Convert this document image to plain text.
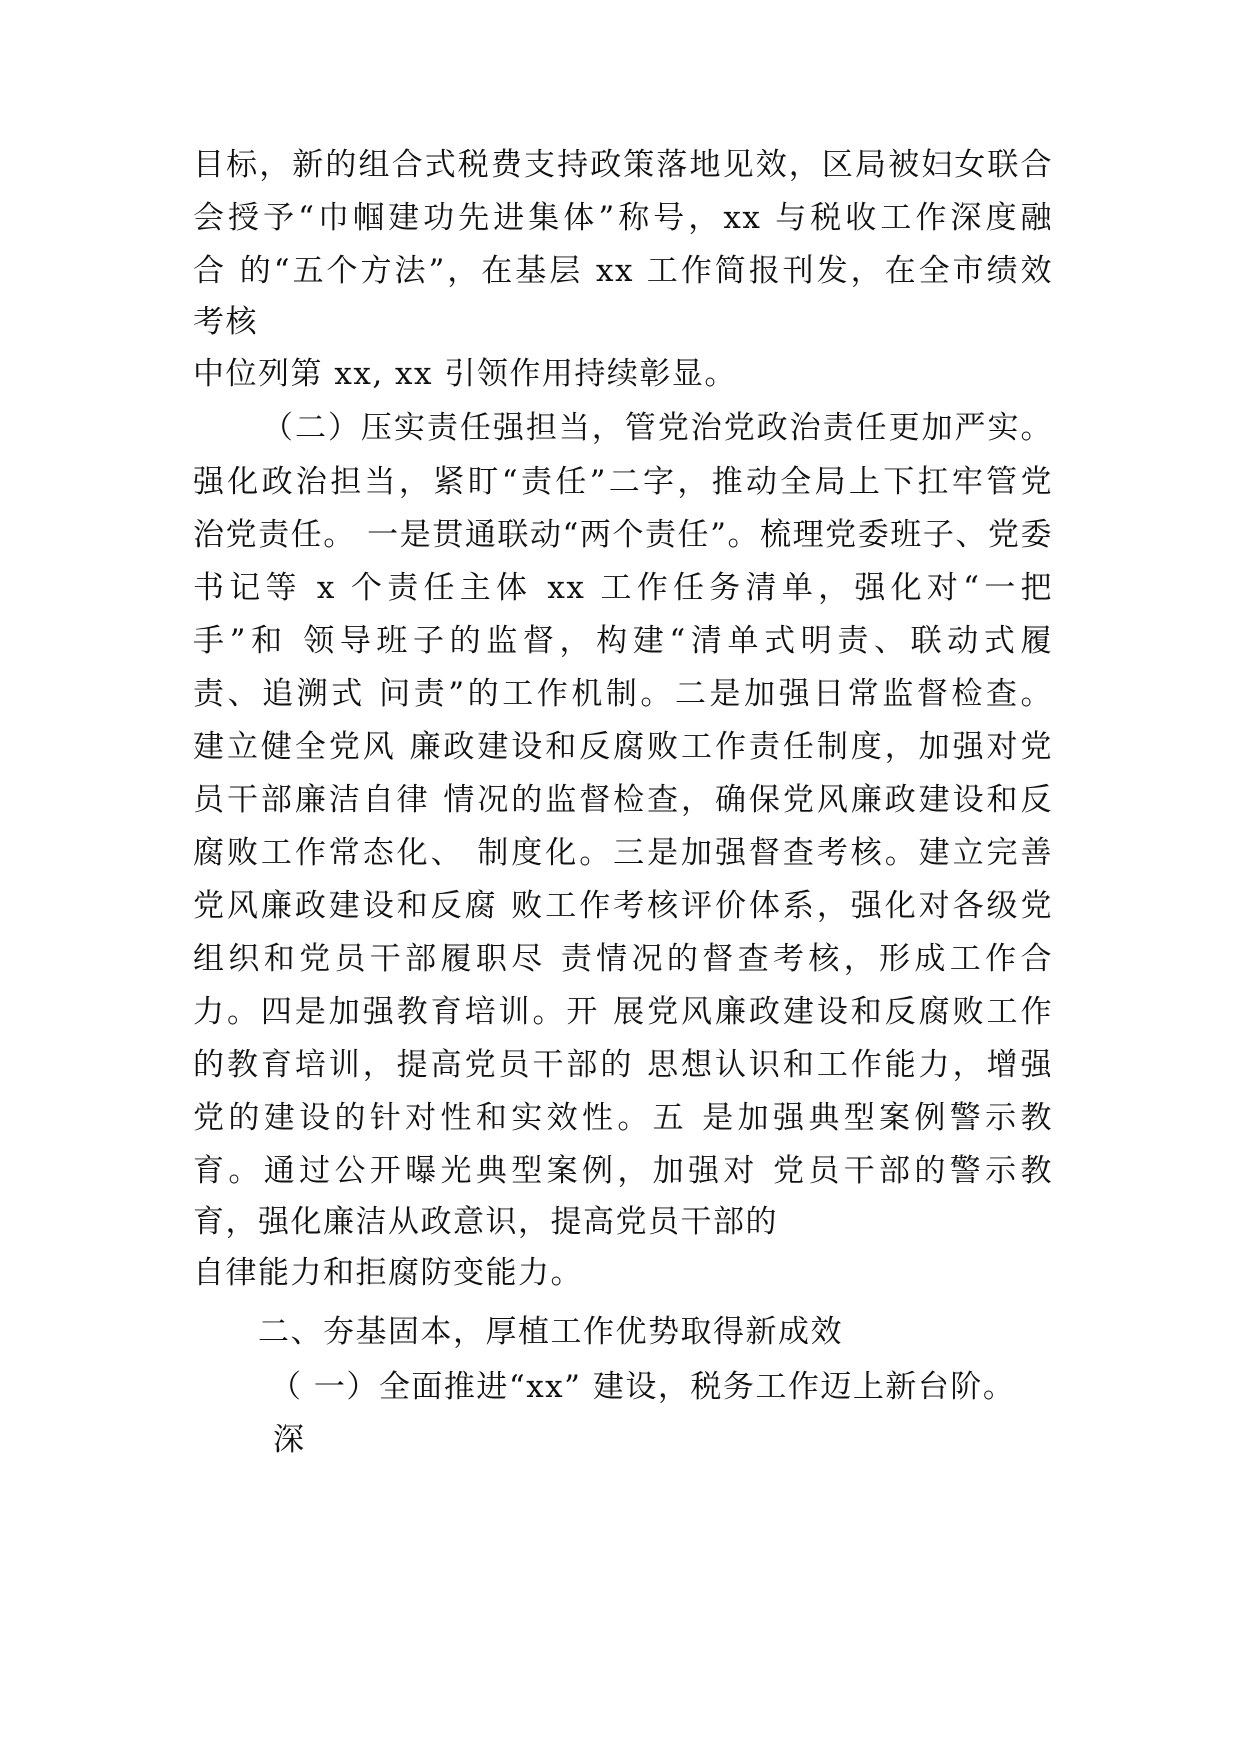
目标，新的组合式税费支持政策落地见效，区局被妇女联合
会授予“巾帼建功先进集体”称号，xx 与税收工作深度融
合 的“五个方法”，在基层 xx 工作简报刊发，在全市绩效
考核
中位列第 xx, xx 引领作用持续彰显。
（二）压实责任强担当，管党治党政治责任更加严实。
强化政治担当，紧盯“责任”二字，推动全局上下扛牢管党
治党责任。 一是贯通联动“两个责任”。梳理党委班子、党委
书记等 x 个责任主体 xx 工作任务清单，强化对“一把
手”和 领导班子的监督，构建“清单式明责、联动式履
责、追溯式 问责”的工作机制。二是加强日常监督检查。
建立健全党风 廉政建设和反腐败工作责任制度，加强对党
员干部廉洁自律 情况的监督检查，确保党风廉政建设和反
腐败工作常态化、 制度化。三是加强督查考核。建立完善
党风廉政建设和反腐 败工作考核评价体系，强化对各级党
组织和党员干部履职尽 责情况的督查考核，形成工作合
力。四是加强教育培训。开 展党风廉政建设和反腐败工作
的教育培训，提高党员干部的 思想认识和工作能力，增强
党的建设的针对性和实效性。五 是加强典型案例警示教
育。通过公开曝光典型案例，加强对 党员干部的警示教
育，强化廉洁从政意识，提高党员干部的
自律能力和拒腐防变能力。
二、夯基固本，厚植工作优势取得新成效
（ 一）全面推进“xx” 建设，税务工作迈上新台阶。
深
